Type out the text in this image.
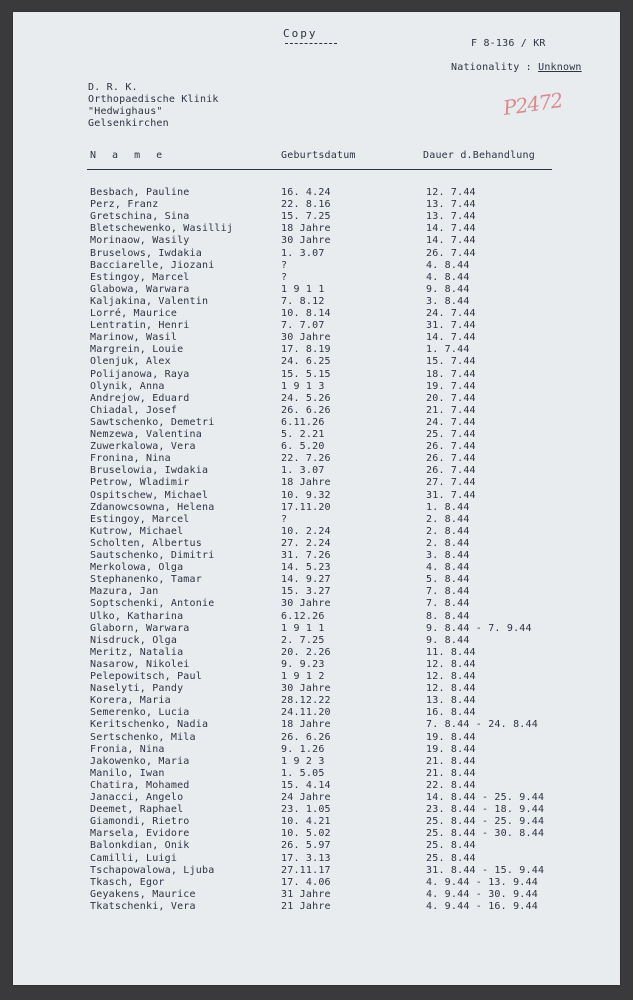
Copy
F 8-136 / KR
Nationality : Unknown
D. R. K.
Orthopaedische Klinik
"Hedwighaus"
Gelsenkirchen
P2472
N a m e	Geburtsdatum	Dauer d.Behandlung
Besbach, Pauline	16. 4.24	12. 7.44
Perz, Franz	22. 8.16	13. 7.44
Gretschina, Sina	15. 7.25	13. 7.44
Bletschewenko, Wasillij	18 Jahre	14. 7.44
Morinaow, Wasily	30 Jahre	14. 7.44
Bruselows, Iwdakia	1. 3.07	26. 7.44
Bacciarelle, Jiozani	?	4. 8.44
Estingoy, Marcel	?	4. 8.44
Glabowa, Warwara	1 9 1 1	9. 8.44
Kaljakina, Valentin	7. 8.12	3. 8.44
Lorré, Maurice	10. 8.14	24. 7.44
Lentratin, Henri	7. 7.07	31. 7.44
Marinow, Wasil	30 Jahre	14. 7.44
Margrein, Louie	17. 8.19	1. 7.44
Olenjuk, Alex	24. 6.25	15. 7.44
Polijanowa, Raya	15. 5.15	18. 7.44
Olynik, Anna	1 9 1 3	19. 7.44
Andrejow, Eduard	24. 5.26	20. 7.44
Chiadal, Josef	26. 6.26	21. 7.44
Sawtschenko, Demetri	6.11.26	24. 7.44
Nemzewa, Valentina	5. 2.21	25. 7.44
Zuwerkalowa, Vera	6. 5.20	26. 7.44
Fronina, Nina	22. 7.26	26. 7.44
Bruselowia, Iwdakia	1. 3.07	26. 7.44
Petrow, Wladimir	18 Jahre	27. 7.44
Ospitschew, Michael	10. 9.32	31. 7.44
Zdanowcsowna, Helena	17.11.20	1. 8.44
Estingoy, Marcel	?	2. 8.44
Kutrow, Michael	10. 2.24	2. 8.44
Scholten, Albertus	27. 2.24	2. 8.44
Sautschenko, Dimitri	31. 7.26	3. 8.44
Merkolowa, Olga	14. 5.23	4. 8.44
Stephanenko, Tamar	14. 9.27	5. 8.44
Mazura, Jan	15. 3.27	7. 8.44
Soptschenki, Antonie	30 Jahre	7. 8.44
Ulko, Katharina	6.12.26	8. 8.44
Glaborn, Warwara	1 9 1 1	9. 8.44 - 7. 9.44
Nisdruck, Olga	2. 7.25	9. 8.44
Meritz, Natalia	20. 2.26	11. 8.44
Nasarow, Nikolei	9. 9.23	12. 8.44
Pelepowitsch, Paul	1 9 1 2	12. 8.44
Naselyti, Pandy	30 Jahre	12. 8.44
Korera, Maria	28.12.22	13. 8.44
Semerenko, Lucia	24.11.20	16. 8.44
Keritschenko, Nadia	18 Jahre	7. 8.44 - 24. 8.44
Sertschenko, Mila	26. 6.26	19. 8.44
Fronia, Nina	9. 1.26	19. 8.44
Jakowenko, Maria	1 9 2 3	21. 8.44
Manilo, Iwan	1. 5.05	21. 8.44
Chatira, Mohamed	15. 4.14	22. 8.44
Janacci, Angelo	24 Jahre	14. 8.44 - 25. 9.44
Deemet, Raphael	23. 1.05	23. 8.44 - 18. 9.44
Giamondi, Rietro	10. 4.21	25. 8.44 - 25. 9.44
Marsela, Evidore	10. 5.02	25. 8.44 - 30. 8.44
Balonkdian, Onik	26. 5.97	25. 8.44
Camilli, Luigi	17. 3.13	25. 8.44
Tschapowalowa, Ljuba	27.11.17	31. 8.44 - 15. 9.44
Tkasch, Egor	17. 4.06	4. 9.44 - 13. 9.44
Geyakens, Maurice	31 Jahre	4. 9.44 - 30. 9.44
Tkatschenki, Vera	21 Jahre	4. 9.44 - 16. 9.44
